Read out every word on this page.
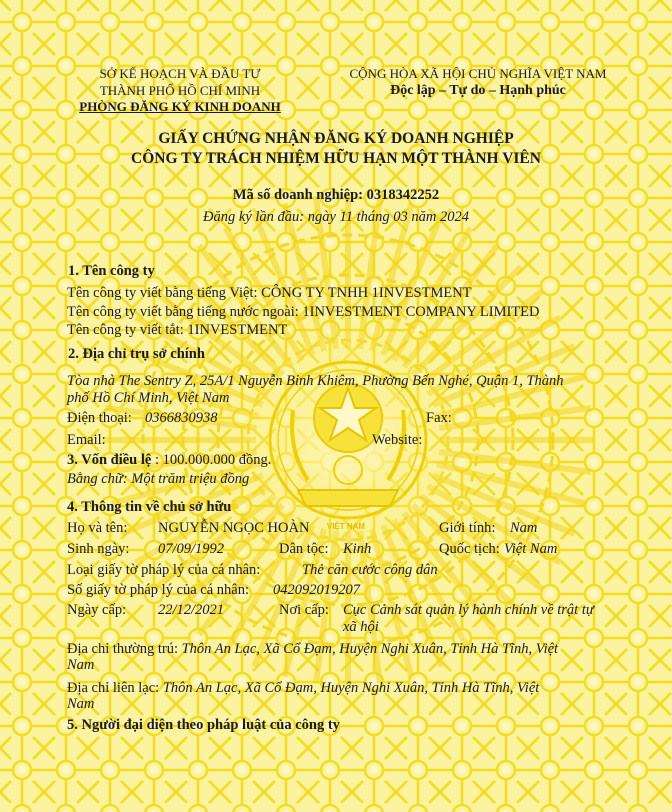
VIỆT NAM
SỞ KẾ HOẠCH VÀ ĐẦU TƯ
THÀNH PHỐ HỒ CHÍ MINH
PHÒNG ĐĂNG KÝ KINH DOANH
CỘNG HÒA XÃ HỘI CHỦ NGHĨA VIỆT NAM
Độc lập – Tự do – Hạnh phúc
GIẤY CHỨNG NHẬN ĐĂNG KÝ DOANH NGHIỆP
CÔNG TY TRÁCH NHIỆM HỮU HẠN MỘT THÀNH VIÊN
Mã số doanh nghiệp: 0318342252
Đăng ký lần đầu: ngày 11 tháng 03 năm 2024
1. Tên công ty
Tên công ty viết bằng tiếng Việt: CÔNG TY TNHH 1INVESTMENT
Tên công ty viết bằng tiếng nước ngoài: 1INVESTMENT COMPANY LIMITED
Tên công ty viết tắt: 1INVESTMENT
2. Địa chỉ trụ sở chính
Tòa nhà The Sentry Z, 25A/1 Nguyễn Bỉnh Khiêm, Phường Bến Nghé, Quận 1, Thành
phố Hồ Chí Minh, Việt Nam
Điện thoại: 0366830938	Fax:
Email:	Website:
3. Vốn điều lệ : 100.000.000 đồng.
Bằng chữ: Một trăm triệu đồng
4. Thông tin về chủ sở hữu
Họ và tên: NGUYỄN NGỌC HOÀN	Giới tính: Nam
Sinh ngày: 07/09/1992	Dân tộc: Kinh	Quốc tịch: Việt Nam
Loại giấy tờ pháp lý của cá nhân:	Thẻ căn cước công dân
Số giấy tờ pháp lý của cá nhân: 042092019207
Ngày cấp: 22/12/2021	Nơi cấp: Cục Cảnh sát quản lý hành chính về trật tự
xã hội
Địa chỉ thường trú: Thôn An Lạc, Xã Cổ Đạm, Huyện Nghi Xuân, Tỉnh Hà Tĩnh, Việt
Nam
Địa chỉ liên lạc: Thôn An Lạc, Xã Cổ Đạm, Huyện Nghi Xuân, Tỉnh Hà Tĩnh, Việt
Nam
5. Người đại diện theo pháp luật của công ty
